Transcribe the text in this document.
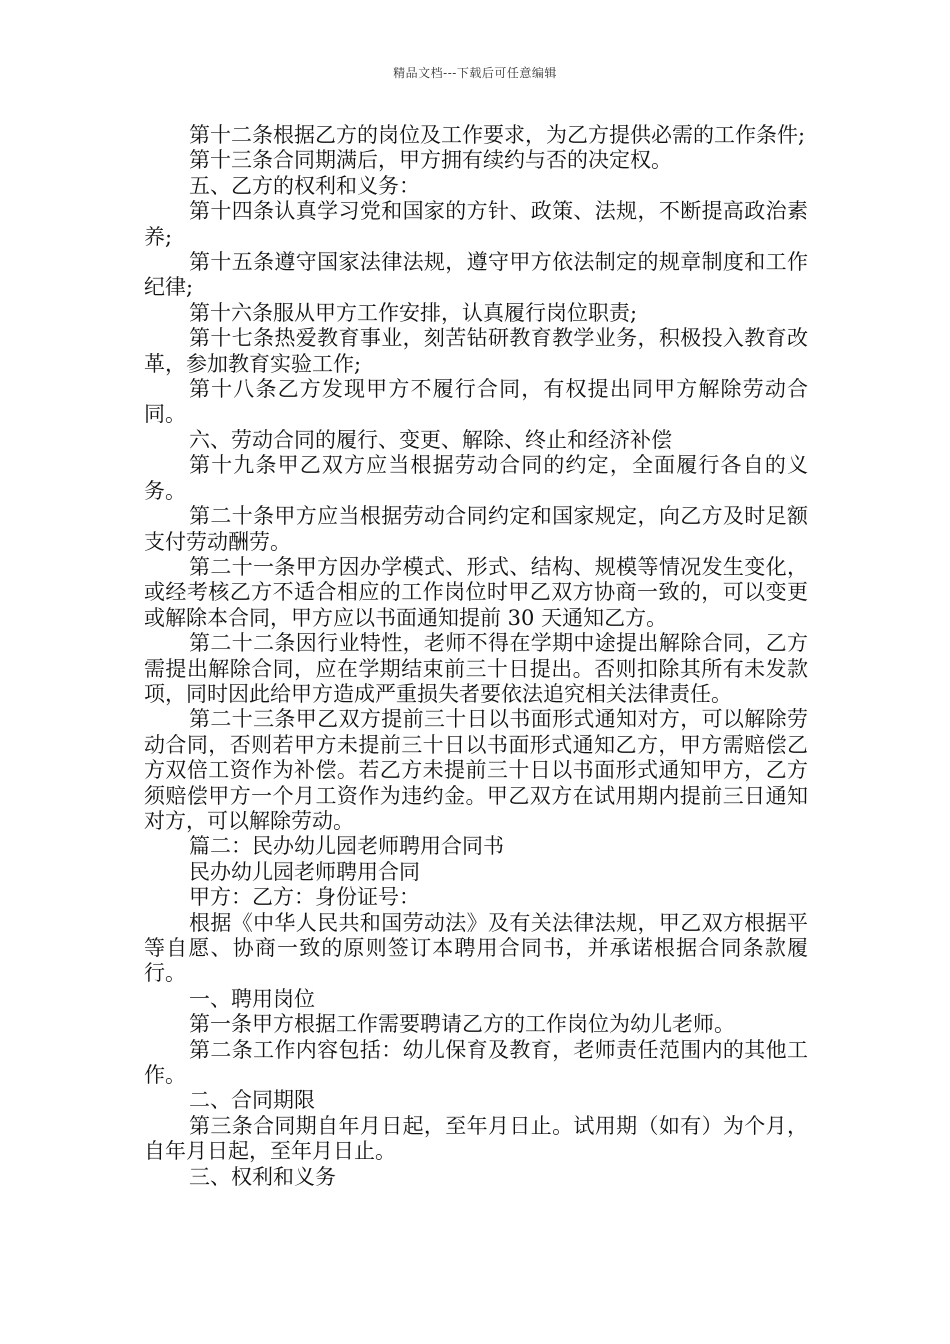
精品文档---下载后可任意编辑

第十二条根据乙方的岗位及工作要求，为乙方提供必需的工作条件;

第十三条合同期满后，甲方拥有续约与否的决定权。

五、乙方的权利和义务：

第十四条认真学习党和国家的方针、政策、法规，不断提高政治素养;

第十五条遵守国家法律法规，遵守甲方依法制定的规章制度和工作纪律;

第十六条服从甲方工作安排，认真履行岗位职责;

第十七条热爱教育事业，刻苦钻研教育教学业务，积极投入教育改革，参加教育实验工作;

第十八条乙方发现甲方不履行合同，有权提出同甲方解除劳动合同。

六、劳动合同的履行、变更、解除、终止和经济补偿

第十九条甲乙双方应当根据劳动合同的约定，全面履行各自的义务。

第二十条甲方应当根据劳动合同约定和国家规定，向乙方及时足额支付劳动酬劳。

第二十一条甲方因办学模式、形式、结构、规模等情况发生变化，或经考核乙方不适合相应的工作岗位时甲乙双方协商一致的，可以变更或解除本合同，甲方应以书面通知提前 30 天通知乙方。

第二十二条因行业特性，老师不得在学期中途提出解除合同，乙方需提出解除合同，应在学期结束前三十日提出。否则扣除其所有未发款项，同时因此给甲方造成严重损失者要依法追究相关法律责任。

第二十三条甲乙双方提前三十日以书面形式通知对方，可以解除劳动合同，否则若甲方未提前三十日以书面形式通知乙方，甲方需赔偿乙方双倍工资作为补偿。若乙方未提前三十日以书面形式通知甲方，乙方须赔偿甲方一个月工资作为违约金。甲乙双方在试用期内提前三日通知对方，可以解除劳动。

篇二：民办幼儿园老师聘用合同书

民办幼儿园老师聘用合同

甲方：乙方：身份证号：

根据《中华人民共和国劳动法》及有关法律法规，甲乙双方根据平等自愿、协商一致的原则签订本聘用合同书，并承诺根据合同条款履行。

一、聘用岗位

第一条甲方根据工作需要聘请乙方的工作岗位为幼儿老师。

第二条工作内容包括：幼儿保育及教育，老师责任范围内的其他工作。

二、合同期限

第三条合同期自年月日起，至年月日止。试用期（如有）为个月，自年月日起，至年月日止。

三、权利和义务
